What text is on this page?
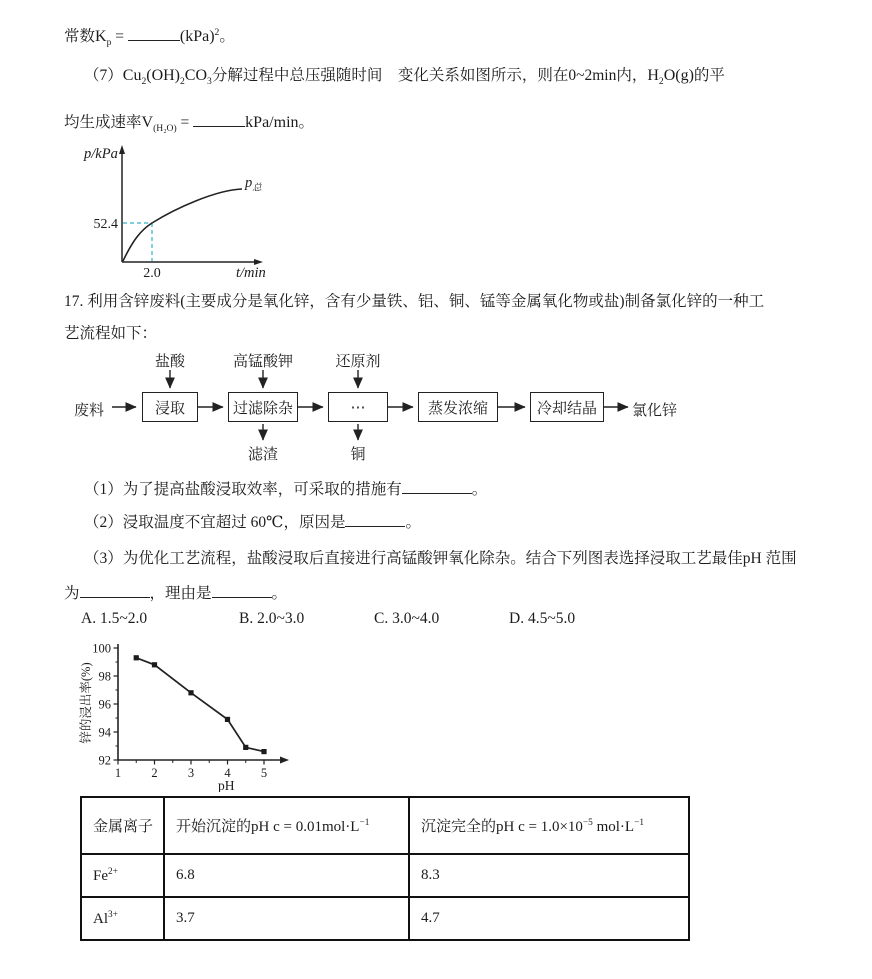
常数$K_p$ =	(kPa)$^2$。
$(7)Cu_2(OH)_2CO_3$分解过程中总压强随时间　变化关系如图所示，则在0~2min内，$H_2O(g)$的平
均生成速率$V_{(H_2O)}$ =	kPa/min。
p/kPa
$p_总$
52.4
2.0	t/min
17. 利用含锌废料(主要成分是氧化锌，含有少量铁、铝、铜、锰等金属氧化物或盐)制备氯化锌的一种工
艺流程如下：
盐酸	高锰酸钾	还原剂
废料	浸取	过滤除杂	⋯	蒸发浓缩	冷却结晶	氯化锌
滤渣	铜
（1）为了提高盐酸浸取效率，可采取的措施有	。
（2）浸取温度不宜超过 60℃，原因是	。
（3）为优化工艺流程，盐酸浸取后直接进行高锰酸钾氧化除杂。结合下列图表选择浸取工艺最佳pH 范围
为	，理由是	。
A. 1.5~2.0	B. 2.0~3.0	C. 3.0~4.0	D. 4.5~5.0
1 2 3 4 5
92
94
96
98
100
锌的浸出率(%)
pH
金属离子	开始沉淀的pH $c = 0.01mol\cdot L^{-1}$	沉淀完全的pH $c = 1.0\times 10^{-5}$ $mol\cdot L^{-1}$
$Fe^{2+}$	6.8	8.3
$Al^{3+}$	3.7	4.7
